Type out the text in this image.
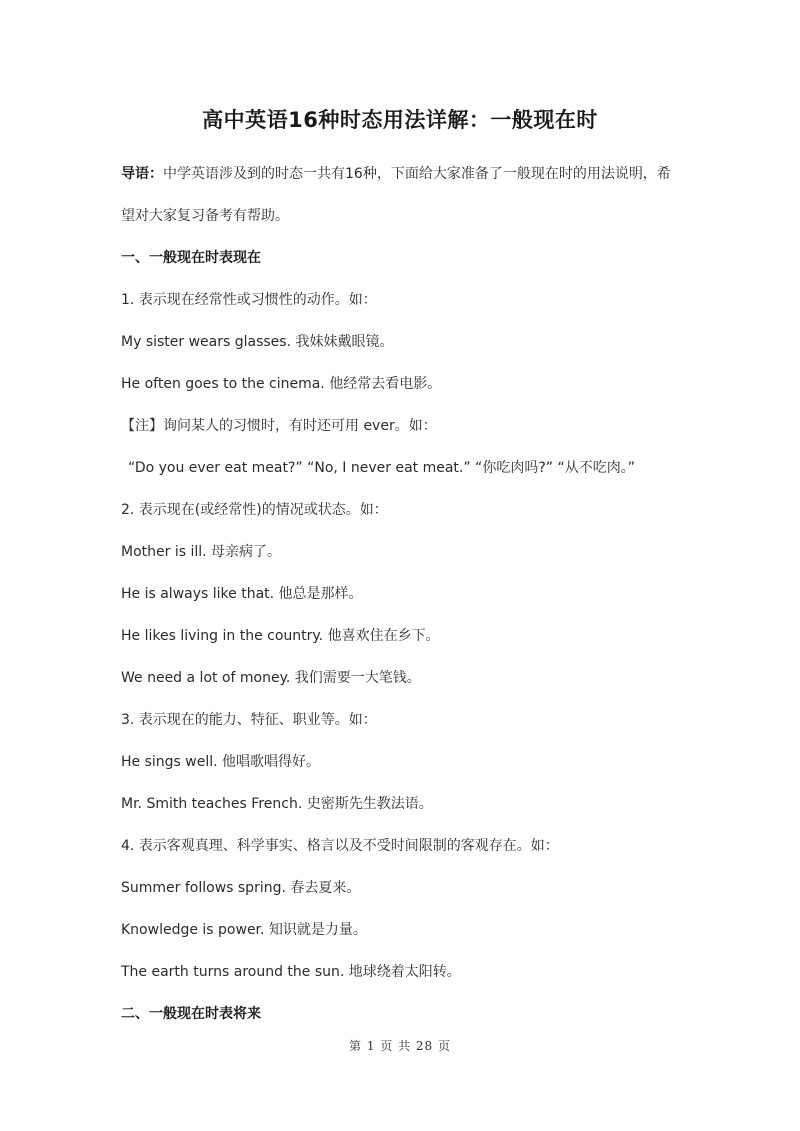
高中英语16种时态用法详解：一般现在时
导语：中学英语涉及到的时态一共有16种，下面给大家准备了一般现在时的用法说明，希
望对大家复习备考有帮助。
一、一般现在时表现在
1. 表示现在经常性或习惯性的动作。如：
My sister wears glasses. 我妹妹戴眼镜。
He often goes to the cinema. 他经常去看电影。
【注】询问某人的习惯时，有时还可用 ever。如：
“Do you ever eat meat?” “No, I never eat meat.” “你吃肉吗?” “从不吃肉。”
2. 表示现在(或经常性)的情况或状态。如：
Mother is ill. 母亲病了。
He is always like that. 他总是那样。
He likes living in the country. 他喜欢住在乡下。
We need a lot of money. 我们需要一大笔钱。
3. 表示现在的能力、特征、职业等。如：
He sings well. 他唱歌唱得好。
Mr. Smith teaches French. 史密斯先生教法语。
4. 表示客观真理、科学事实、格言以及不受时间限制的客观存在。如：
Summer follows spring. 春去夏来。
Knowledge is power. 知识就是力量。
The earth turns around the sun. 地球绕着太阳转。
二、一般现在时表将来
第 1 页 共 28 页
